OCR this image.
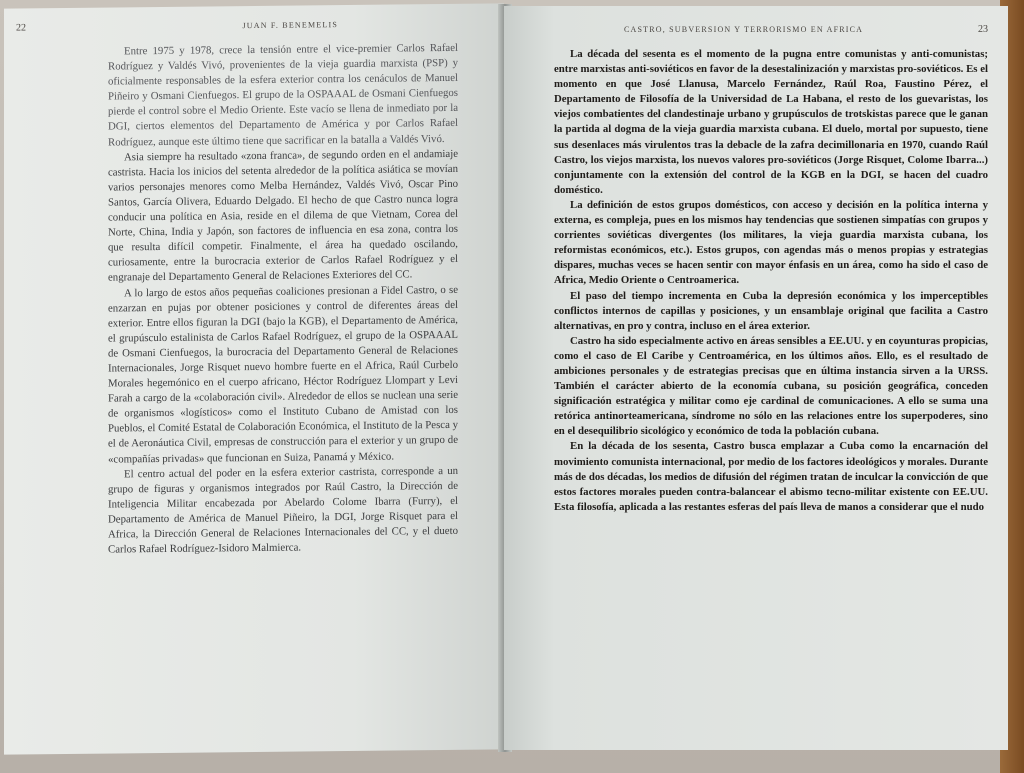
22	JUAN F. BENEMELIS

Entre 1975 y 1978, crece la tensión entre el vice-premier Carlos Rafael Rodríguez y Valdés Vivó, provenientes de la vieja guardia marxista (PSP) y oficialmente responsables de la esfera exterior contra los cenáculos de Manuel Piñeiro y Osmani Cienfuegos. El grupo de la OSPAAAL de Osmani Cienfuegos pierde el control sobre el Medio Oriente. Este vacío se llena de inmediato por la DGI, ciertos elementos del Departamento de América y por Carlos Rafael Rodríguez, aunque este último tiene que sacrificar en la batalla a Valdés Vivó.

Asia siempre ha resultado «zona franca», de segundo orden en el andamiaje castrista. Hacia los inicios del setenta alrededor de la política asiática se movían varios personajes menores como Melba Hernández, Valdés Vivó, Oscar Pino Santos, García Olivera, Eduardo Delgado. El hecho de que Castro nunca logra conducir una política en Asia, reside en el dilema de que Vietnam, Corea del Norte, China, India y Japón, son factores de influencia en esa zona, contra los que resulta difícil competir. Finalmente, el área ha quedado oscilando, curiosamente, entre la burocracia exterior de Carlos Rafael Rodríguez y el engranaje del Departamento General de Relaciones Exteriores del CC.

A lo largo de estos años pequeñas coaliciones presionan a Fidel Castro, o se enzarzan en pujas por obtener posiciones y control de diferentes áreas del exterior. Entre ellos figuran la DGI (bajo la KGB), el Departamento de América, el grupúsculo estalinista de Carlos Rafael Rodríguez, el grupo de la OSPAAAL de Osmani Cienfuegos, la burocracia del Departamento General de Relaciones Internacionales, Jorge Risquet nuevo hombre fuerte en el Africa, Raúl Curbelo Morales hegemónico en el cuerpo africano, Héctor Rodríguez Llompart y Levi Farah a cargo de la «colaboración civil». Alrededor de ellos se nuclean una serie de organismos «logísticos» como el Instituto Cubano de Amistad con los Pueblos, el Comité Estatal de Colaboración Económica, el Instituto de la Pesca y el de Aeronáutica Civil, empresas de construcción para el exterior y un grupo de «compañías privadas» que funcionan en Suiza, Panamá y México.

El centro actual del poder en la esfera exterior castrista, corresponde a un grupo de figuras y organismos integrados por Raúl Castro, la Dirección de Inteligencia Militar encabezada por Abelardo Colome Ibarra (Furry), el Departamento de América de Manuel Piñeiro, la DGI, Jorge Risquet para el Africa, la Dirección General de Relaciones Internacionales del CC, y el dueto Carlos Rafael Rodríguez-Isidoro Malmierca.

CASTRO, SUBVERSION Y TERRORISMO EN AFRICA	23

La década del sesenta es el momento de la pugna entre comunistas y anti-comunistas; entre marxistas anti-soviéticos en favor de la desestalinización y marxistas pro-soviéticos. Es el momento en que José Llanusa, Marcelo Fernández, Raúl Roa, Faustino Pérez, el Departamento de Filosofía de la Universidad de La Habana, el resto de los guevaristas, los viejos combatientes del clandestinaje urbano y grupúsculos de trotskistas parece que le ganan la partida al dogma de la vieja guardia marxista cubana. El duelo, mortal por supuesto, tiene sus desenlaces más virulentos tras la debacle de la zafra decimillonaria en 1970, cuando Raúl Castro, los viejos marxista, los nuevos valores pro-soviéticos (Jorge Risquet, Colome Ibarra...) conjuntamente con la extensión del control de la KGB en la DGI, se hacen del cuadro doméstico.

La definición de estos grupos domésticos, con acceso y decisión en la política interna y externa, es compleja, pues en los mismos hay tendencias que sostienen simpatías con grupos y corrientes soviéticas divergentes (los militares, la vieja guardia marxista cubana, los reformistas económicos, etc.). Estos grupos, con agendas más o menos propias y estrategias dispares, muchas veces se hacen sentir con mayor énfasis en un área, como ha sido el caso de Africa, Medio Oriente o Centroamerica.

El paso del tiempo incrementa en Cuba la depresión económica y los imperceptibles conflictos internos de capillas y posiciones, y un ensamblaje original que facilita a Castro alternativas, en pro y contra, incluso en el área exterior.

Castro ha sido especialmente activo en áreas sensibles a EE.UU. y en coyunturas propicias, como el caso de El Caribe y Centroamérica, en los últimos años. Ello, es el resultado de ambiciones personales y de estrategias precisas que en última instancia sirven a la URSS. También el carácter abierto de la economía cubana, su posición geográfica, conceden significación estratégica y militar como eje cardinal de comunicaciones. A ello se suma una retórica antinorteamericana, síndrome no sólo en las relaciones entre los superpoderes, sino en el desequilibrio sicológico y económico de toda la población cubana.

En la década de los sesenta, Castro busca emplazar a Cuba como la encarnación del movimiento comunista internacional, por medio de los factores ideológicos y morales. Durante más de dos décadas, los medios de difusión del régimen tratan de inculcar la convicción de que estos factores morales pueden contra-balancear el abismo tecno-militar existente con EE.UU. Esta filosofía, aplicada a las restantes esferas del país lleva de manos a considerar que el nudo
